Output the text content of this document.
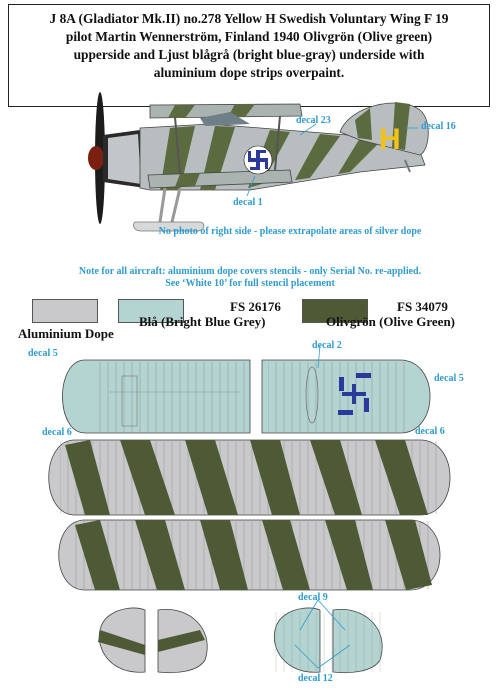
J 8A (Gladiator Mk.II) no.278 Yellow H Swedish Voluntary Wing F 19
pilot Martin Wennerström, Finland 1940 Olivgrön (Olive green)
upperside and Ljust blågrå (bright blue-gray) underside with
aluminium dope strips overpaint.
H
decal 23
decal 16
decal 1
No photo of right side - please extrapolate areas of silver dope
Note for all aircraft: aluminium dope covers stencils - only Serial No. re-applied.
See ‘White 10’ for full stencil placement
Aluminium Dope
FS 26176
Blå (Bright Blue Grey)
FS 34079
Olivgrön (Olive Green)
decal 5
decal 2
decal 5
decal 6	decal 6
decal 9
decal 12
